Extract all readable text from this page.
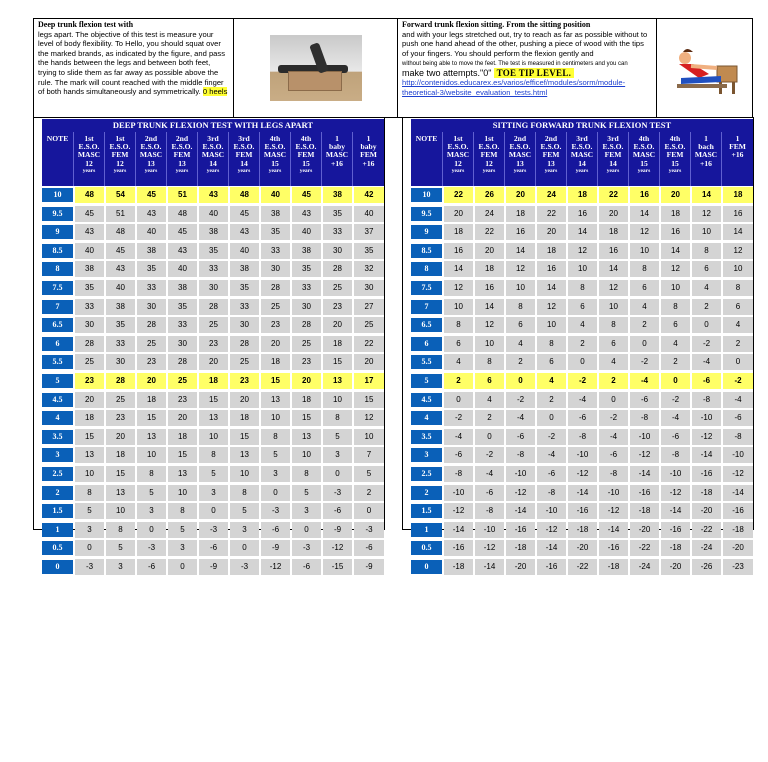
Deep trunk flexion test with
legs apart. The objective of this test is measure your level of body flexibility. To Hello, you should squat over the marked brands, as indicated by the figure, and pass the hands between the legs and between both feet, trying to slide them as far away as possible above the rule. The mark will count reached with the middle finger of both hands simultaneously and symmetrically. 0 heels
Forward trunk flexion sitting. From the sitting position
and with your legs stretched out, try to reach as far as possible without to push one hand ahead of the other, pushing a piece of wood with the tips of your fingers. You should perform the flexion gently and
without being able to move the feet. The test is measured in centimeters and you can
make two attempts."0" TOE TIP LEVEL.
http://contenidos.educarex.es/varios/efficef/modules/sorm/module-theoretical-3/website_evaluation_tests.html
DEEP TRUNK FLEXION TEST WITH LEGS APART
NOTE	1st
E.S.O.
MASC
12

years
1st
E.S.O.
FEM
12

years
2nd
E.S.O.
MASC
13

years
2nd
E.S.O.
FEM
13

years
3rd
E.S.O.
MASC
14

years
3rd
E.S.O.
FEM
14

years
4th
E.S.O.
MASC
15

years
4th
E.S.O.
FEM
15

years
1
baby
MASC
+16

1
baby
FEM
+16

10	48	54	45	51	43	48	40	45	38	42
9.5	45	51	43	48	40	45	38	43	35	40
9	43	48	40	45	38	43	35	40	33	37
8.5	40	45	38	43	35	40	33	38	30	35
8	38	43	35	40	33	38	30	35	28	32
7.5	35	40	33	38	30	35	28	33	25	30
7	33	38	30	35	28	33	25	30	23	27
6.5	30	35	28	33	25	30	23	28	20	25
6	28	33	25	30	23	28	20	25	18	22
5.5	25	30	23	28	20	25	18	23	15	20
5	23	28	20	25	18	23	15	20	13	17
4.5	20	25	18	23	15	20	13	18	10	15
4	18	23	15	20	13	18	10	15	8	12
3.5	15	20	13	18	10	15	8	13	5	10
3	13	18	10	15	8	13	5	10	3	7
2.5	10	15	8	13	5	10	3	8	0	5
2	8	13	5	10	3	8	0	5	-3	2
1.5	5	10	3	8	0	5	-3	3	-6	0
1	3	8	0	5	-3	3	-6	0	-9	-3
0.5	0	5	-3	3	-6	0	-9	-3	-12	-6
0	-3	3	-6	0	-9	-3	-12	-6	-15	-9
SITTING FORWARD TRUNK FLEXION TEST
NOTE	1st
E.S.O.
MASC
12

years
1st
E.S.O.
FEM
12

years
2nd
E.S.O.
MASC
13

years
2nd
E.S.O.
FEM
13

years
3rd
E.S.O.
MASC
14

years
3rd
E.S.O.
FEM
14

years
4th
E.S.O.
MASC
15

years
4th
E.S.O.
FEM
15

years
1
bach
MASC
+16

1
FEM
+16

10	22	26	20	24	18	22	16	20	14	18
9.5	20	24	18	22	16	20	14	18	12	16
9	18	22	16	20	14	18	12	16	10	14
8.5	16	20	14	18	12	16	10	14	8	12
8	14	18	12	16	10	14	8	12	6	10
7.5	12	16	10	14	8	12	6	10	4	8
7	10	14	8	12	6	10	4	8	2	6
6.5	8	12	6	10	4	8	2	6	0	4
6	6	10	4	8	2	6	0	4	-2	2
5.5	4	8	2	6	0	4	-2	2	-4	0
5	2	6	0	4	-2	2	-4	0	-6	-2
4.5	0	4	-2	2	-4	0	-6	-2	-8	-4
4	-2	2	-4	0	-6	-2	-8	-4	-10	-6
3.5	-4	0	-6	-2	-8	-4	-10	-6	-12	-8
3	-6	-2	-8	-4	-10	-6	-12	-8	-14	-10
2.5	-8	-4	-10	-6	-12	-8	-14	-10	-16	-12
2	-10	-6	-12	-8	-14	-10	-16	-12	-18	-14
1.5	-12	-8	-14	-10	-16	-12	-18	-14	-20	-16
1	-14	-10	-16	-12	-18	-14	-20	-16	-22	-18
0.5	-16	-12	-18	-14	-20	-16	-22	-18	-24	-20
0	-18	-14	-20	-16	-22	-18	-24	-20	-26	-23
